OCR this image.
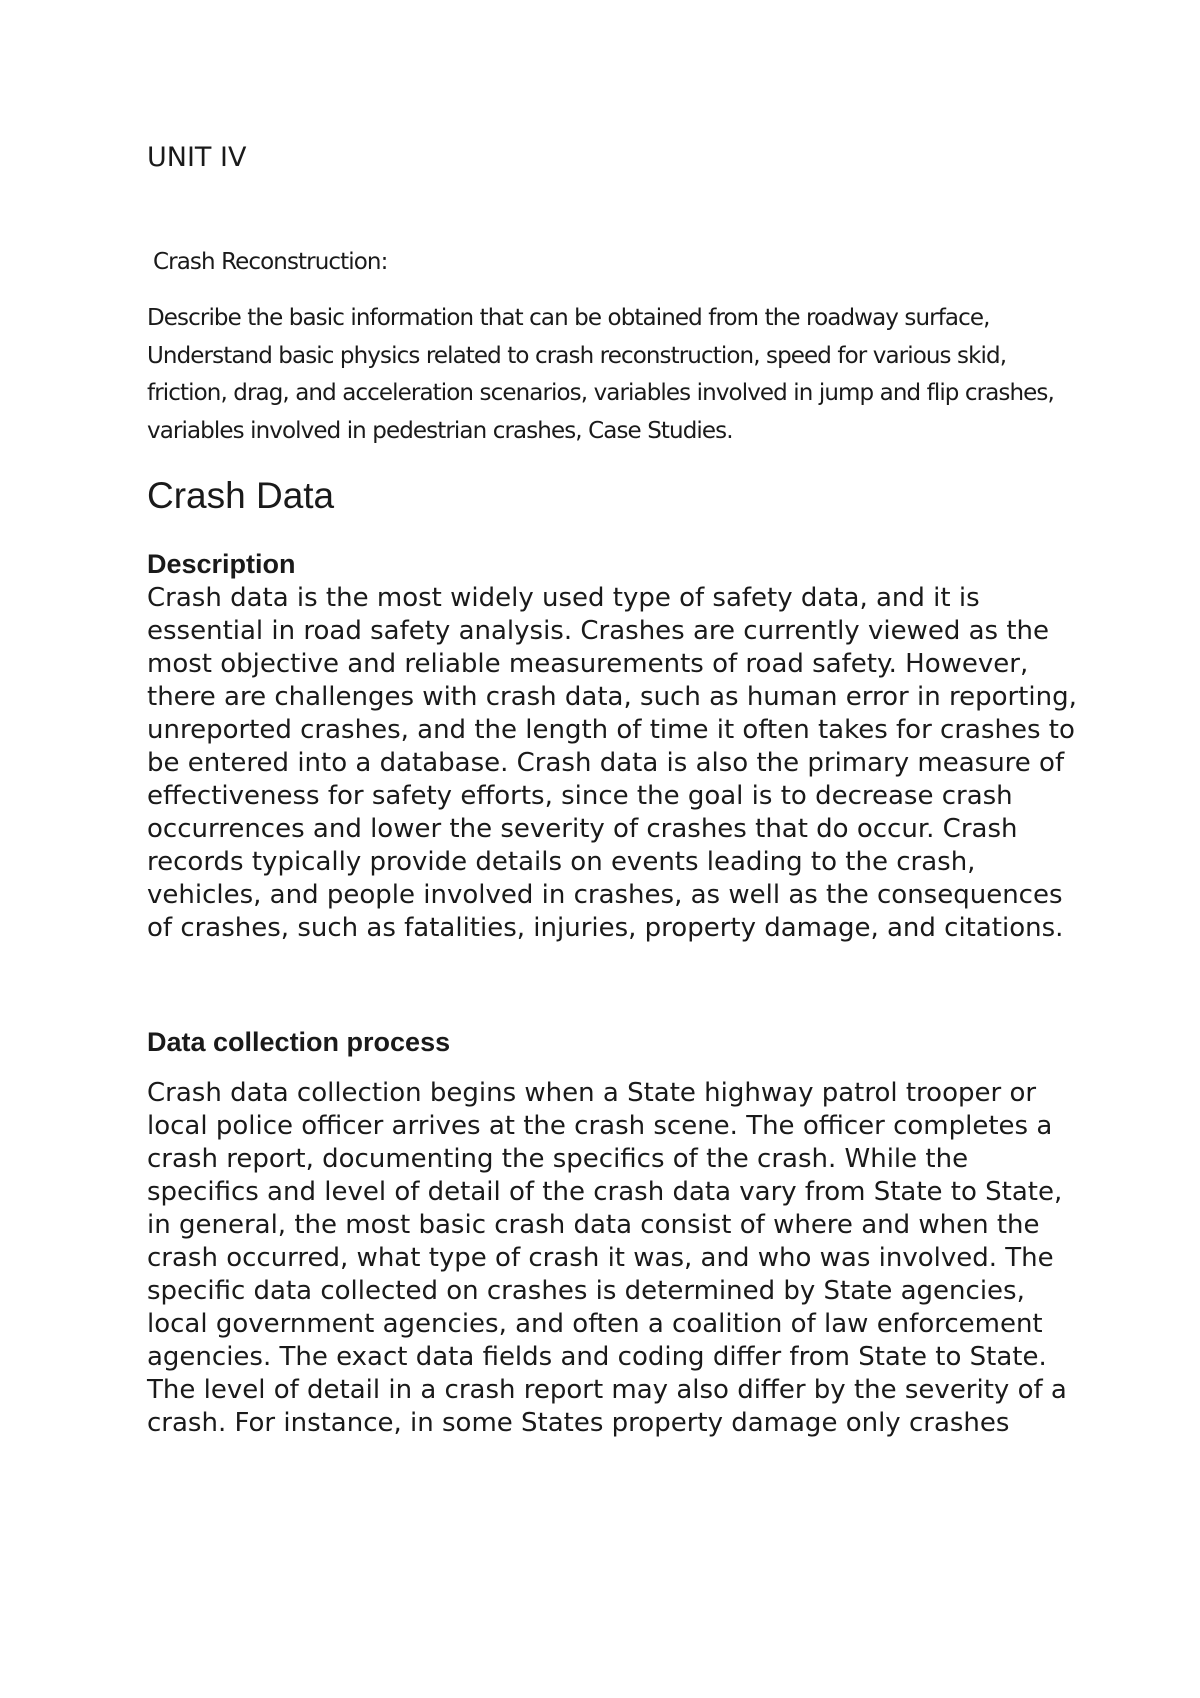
UNIT IV

Crash Reconstruction:

Describe the basic information that can be obtained from the roadway surface, Understand basic physics related to crash reconstruction, speed for various skid, friction, drag, and acceleration scenarios, variables involved in jump and flip crashes, variables involved in pedestrian crashes, Case Studies.

Crash Data
Description
Crash data is the most widely used type of safety data, and it is essential in road safety analysis. Crashes are currently viewed as the most objective and reliable measurements of road safety. However, there are challenges with crash data, such as human error in reporting, unreported crashes, and the length of time it often takes for crashes to be entered into a database. Crash data is also the primary measure of effectiveness for safety efforts, since the goal is to decrease crash occurrences and lower the severity of crashes that do occur. Crash records typically provide details on events leading to the crash, vehicles, and people involved in crashes, as well as the consequences of crashes, such as fatalities, injuries, property damage, and citations.
Data collection process
Crash data collection begins when a State highway patrol trooper or local police officer arrives at the crash scene. The officer completes a crash report, documenting the specifics of the crash. While the specifics and level of detail of the crash data vary from State to State, in general, the most basic crash data consist of where and when the crash occurred, what type of crash it was, and who was involved. The specific data collected on crashes is determined by State agencies, local government agencies, and often a coalition of law enforcement agencies. The exact data fields and coding differ from State to State. The level of detail in a crash report may also differ by the severity of a crash. For instance, in some States property damage only crashes
